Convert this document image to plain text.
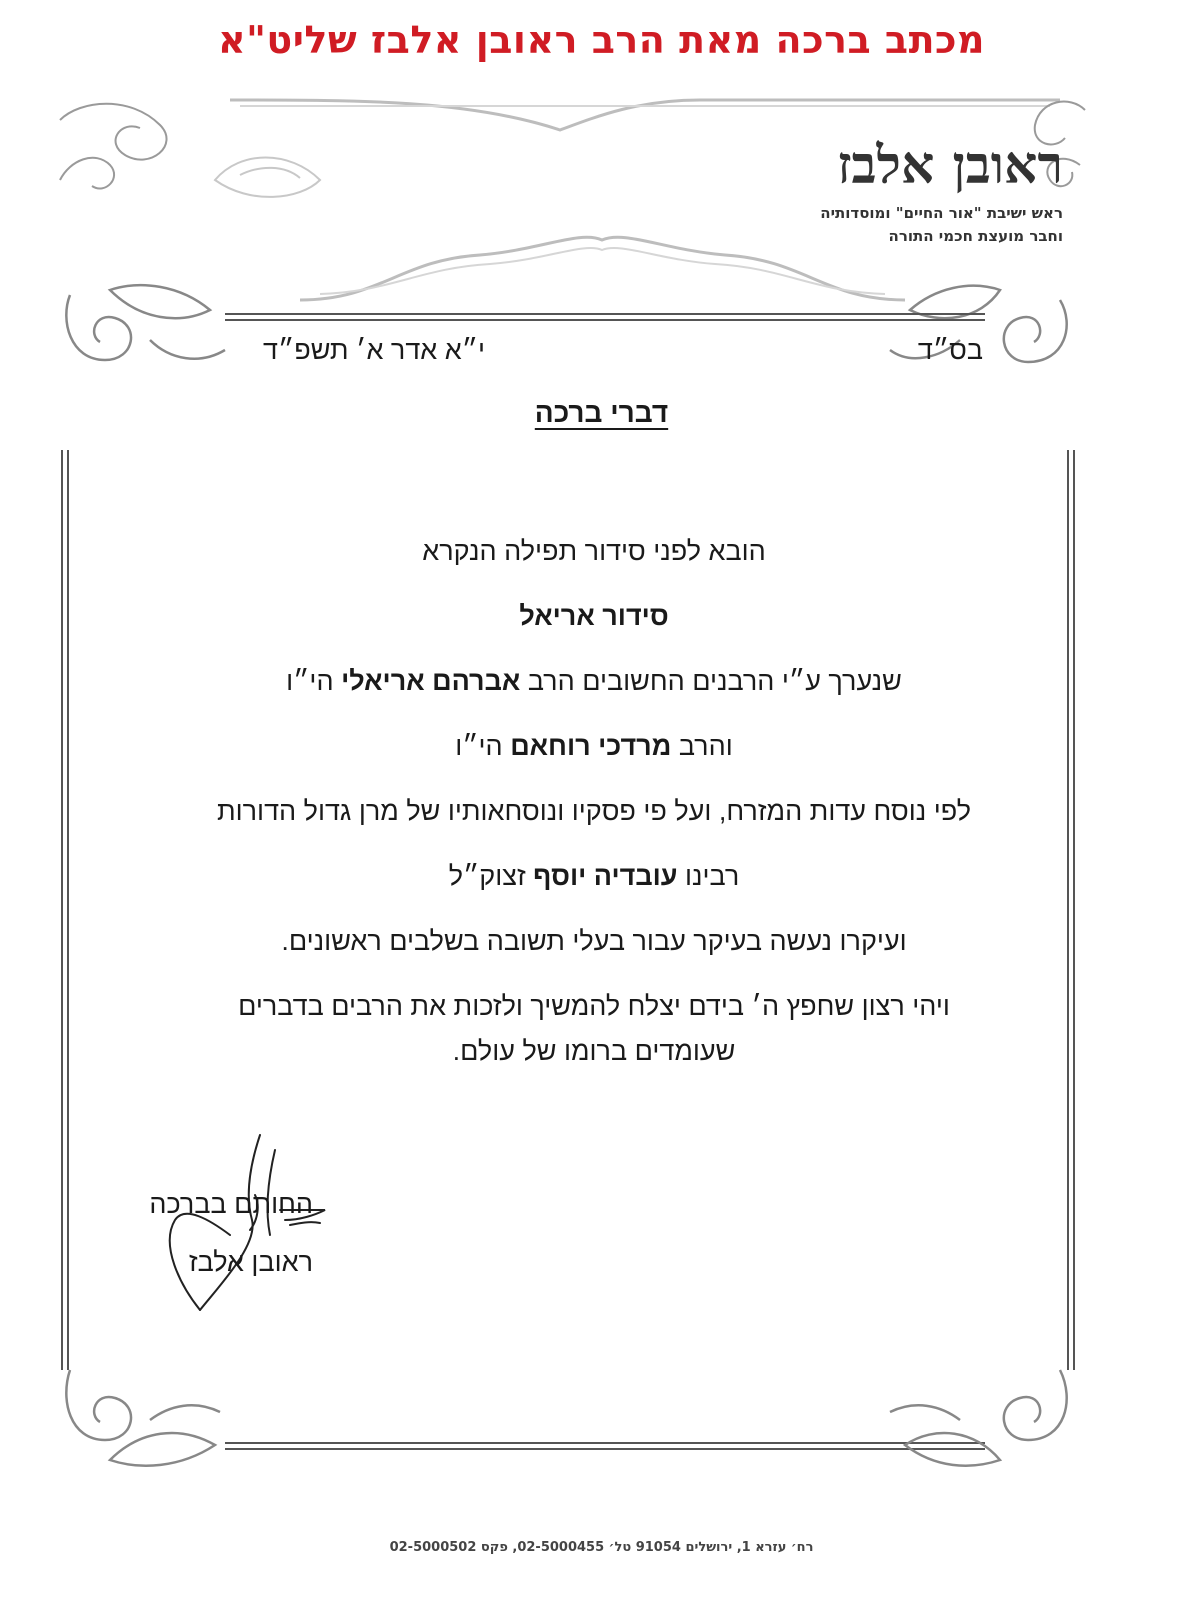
מכתב ברכה מאת הרב ראובן אלבז שליט"א
ראובן אלבז
ראש ישיבת "אור החיים" ומוסדותיה
וחבר מועצת חכמי התורה
בס״ד
י״א אדר א׳ תשפ״ד
דברי ברכה
הובא לפני סידור תפילה הנקרא
סידור אריאל
שנערך ע״י הרבנים החשובים הרב אברהם אריאלי הי״ו
והרב מרדכי רוחאם הי״ו
לפי נוסח עדות המזרח, ועל פי פסקיו ונוסחאותיו של מרן גדול הדורות
רבינו עובדיה יוסף זצוק״ל
ועיקרו נעשה בעיקר עבור בעלי תשובה בשלבים ראשונים.
ויהי רצון שחפץ ה׳ בידם יצלח להמשיך ולזכות את הרבים בדברים
שעומדים ברומו של עולם.
החותם בברכה
ראובן אלבז
רח׳ עזרא 1, ירושלים 91054 טל׳ 02-5000455, פקס 02-5000502
